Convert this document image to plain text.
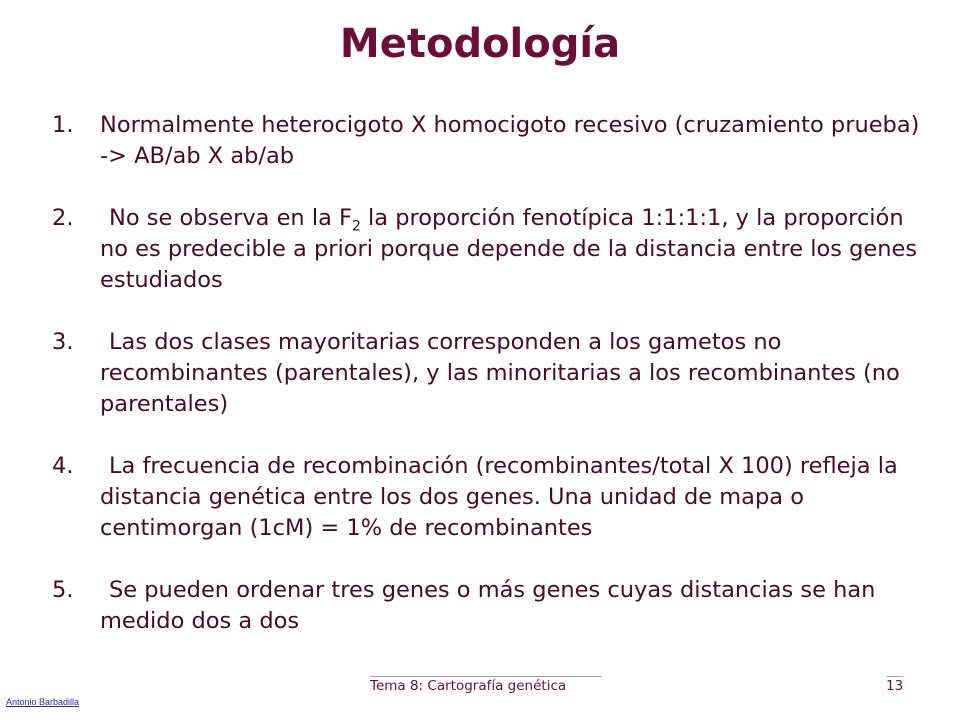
Metodología
1. Normalmente heterocigoto X homocigoto recesivo (cruzamiento prueba) -> AB/ab X ab/ab
2. No se observa en la $F_2$ la proporción fenotípica 1:1:1:1, y la proporción no es predecible a priori porque depende de la distancia entre los genes estudiados
3. Las dos clases mayoritarias corresponden a los gametos no recombinantes (parentales), y las minoritarias a los recombinantes (no parentales)
4. La frecuencia de recombinación (recombinantes/total X 100) refleja la distancia genética entre los dos genes. Una unidad de mapa o centimorgan (1cM) = 1% de recombinantes
5. Se pueden ordenar tres genes o más genes cuyas distancias se han medido dos a dos
Tema 8: Cartografía genética	13
Antonio Barbadilla
